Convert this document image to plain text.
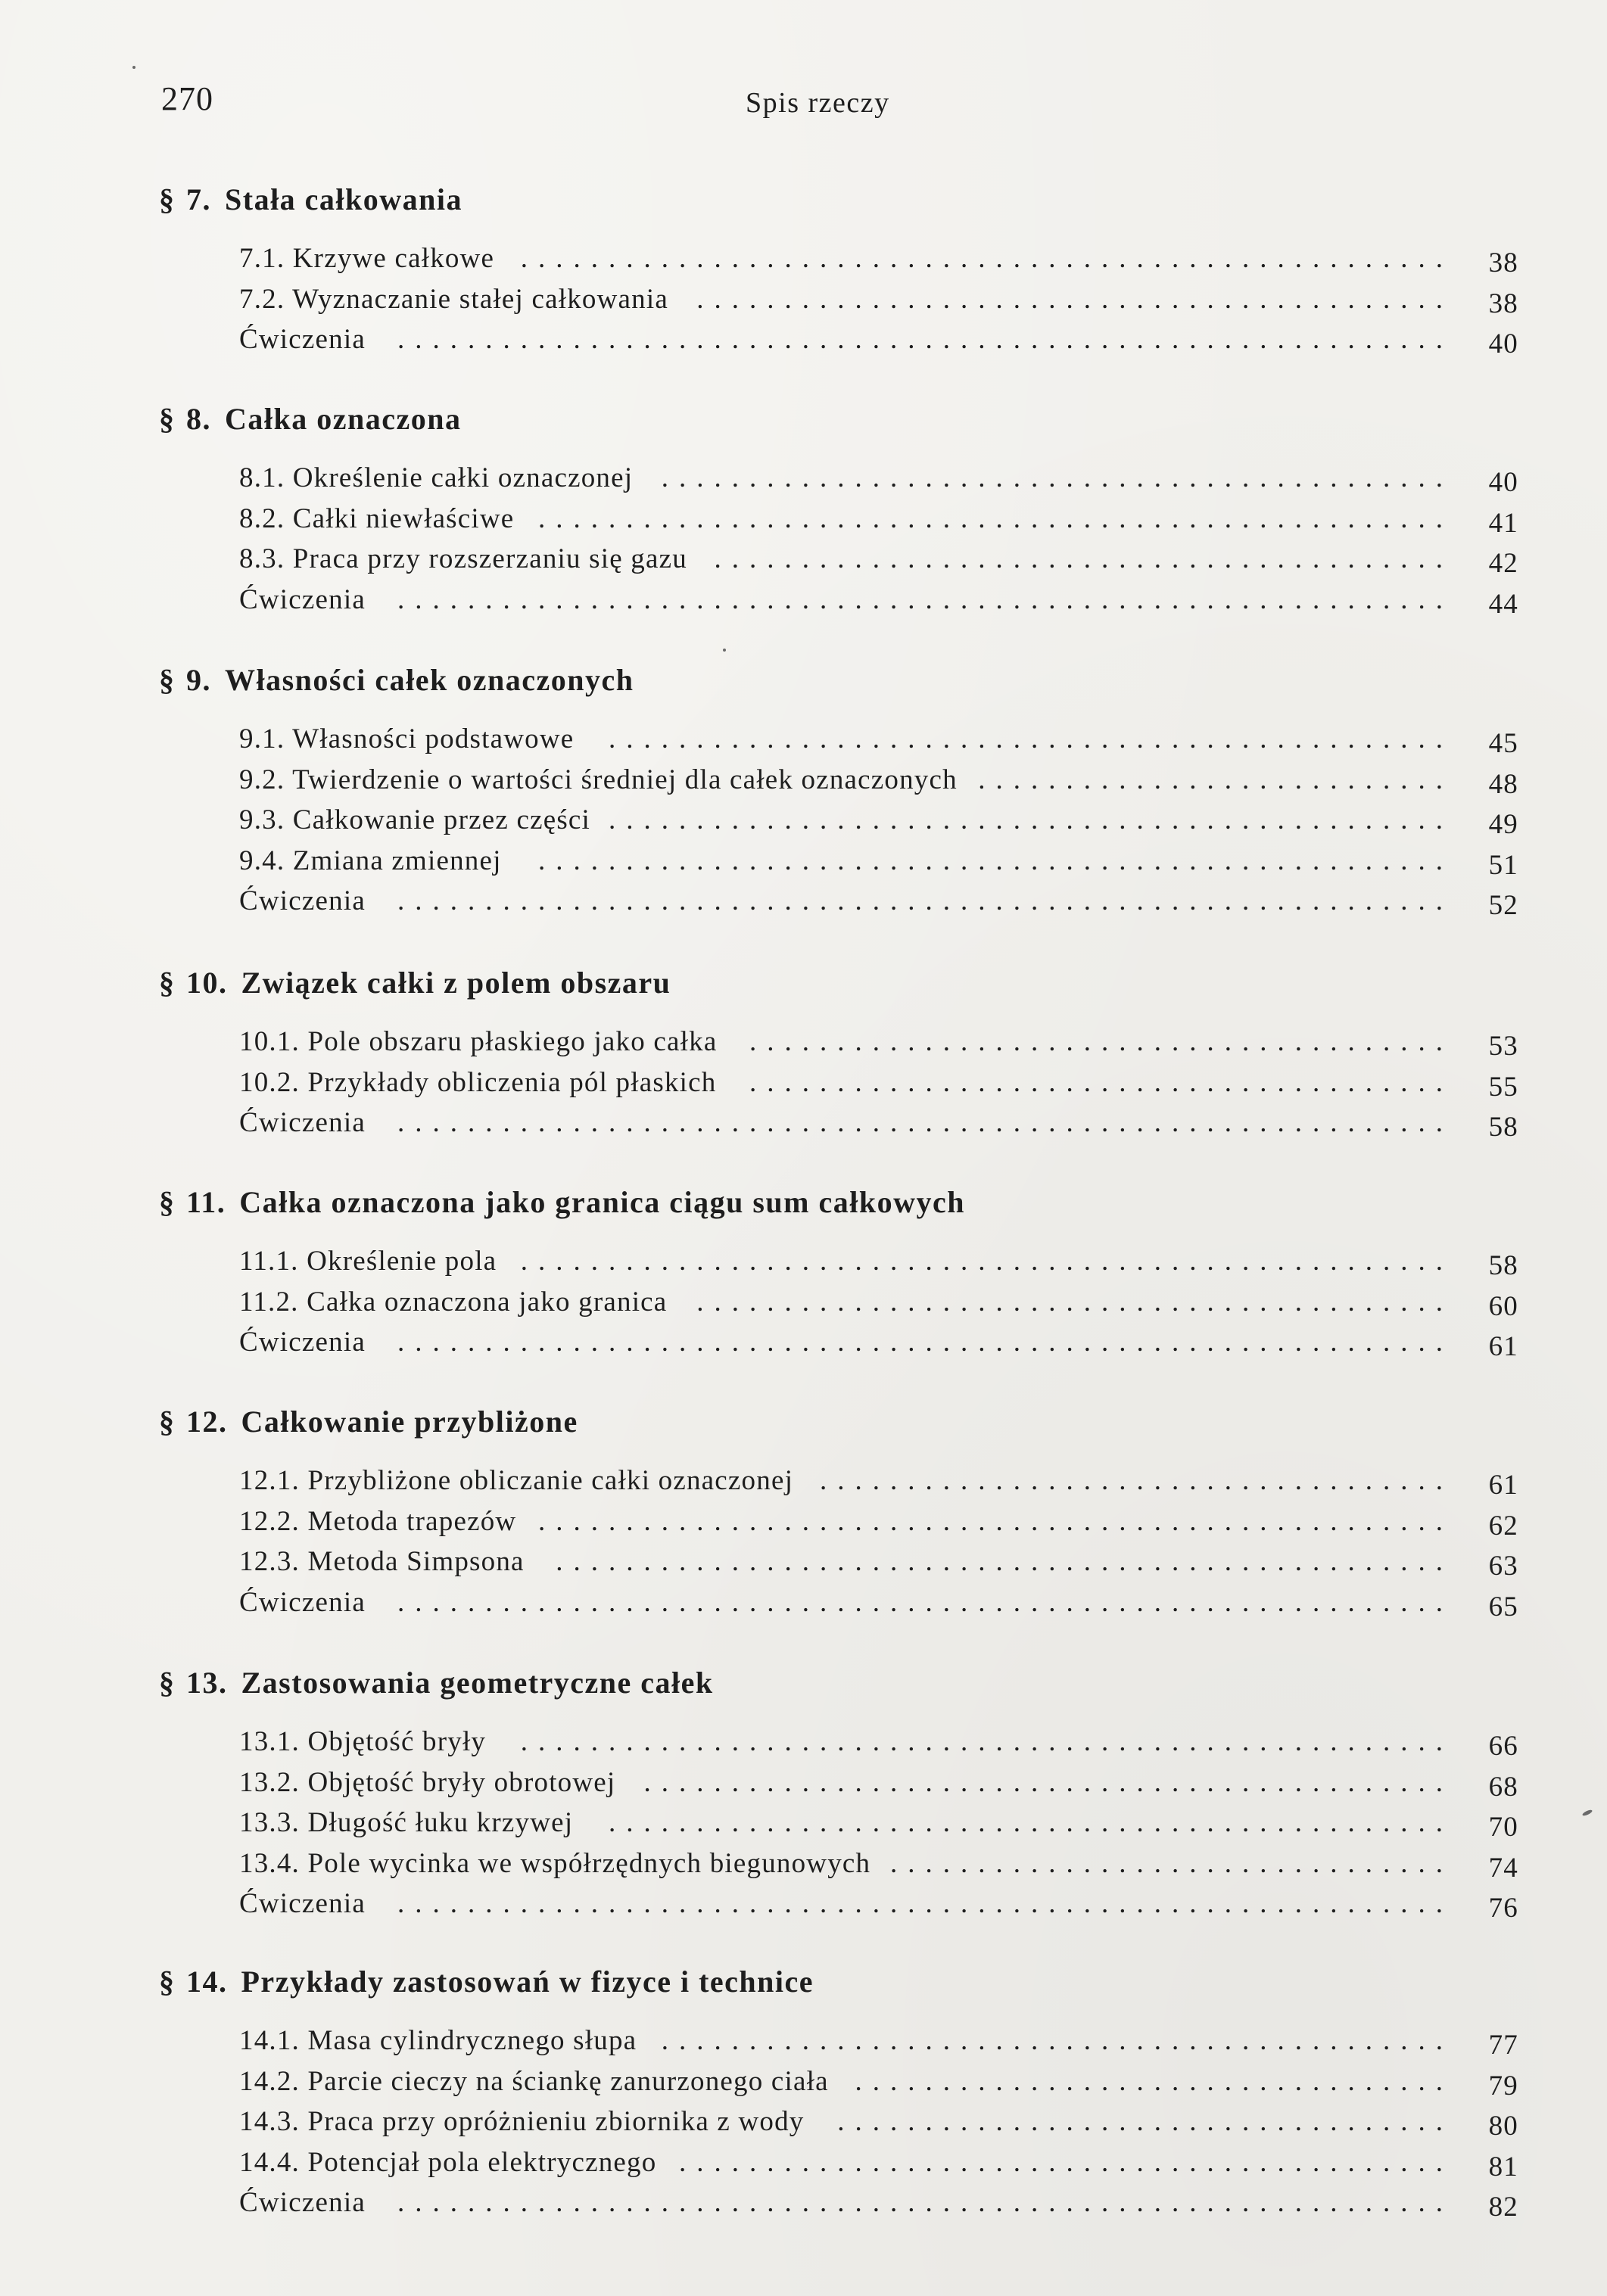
270	Spis rzeczy
§ 7. Stała całkowania
7.1. Krzywe całkowe .....................................................	38
7.2. Wyznaczanie stałej całkowania	...........................................	38
Ćwiczenia	............................................................	40
§ 8. Całka oznaczona
8.1. Określenie całki oznaczonej	.............................................	40
8.2. Całki niewłaściwe ....................................................	41
8.3. Praca przy rozszerzaniu się gazu ..........................................	42
Ćwiczenia	............................................................	44
§ 9. Własności całek oznaczonych
9.1. Własności podstawowe	................................................	45
9.2. Twierdzenie o wartości średniej dla całek oznaczonych ...........................	48
9.3. Całkowanie przez części ................................................	49
9.4. Zmiana zmiennej	....................................................	51
Ćwiczenia	............................................................	52
§ 10. Związek całki z polem obszaru
10.1. Pole obszaru płaskiego jako całka	........................................	53
10.2. Przykłady obliczenia pól płaskich	........................................	55
Ćwiczenia	............................................................	58
§ 11. Całka oznaczona jako granica ciągu sum całkowych
11.1. Określenie pola .....................................................	58
11.2. Całka oznaczona jako granica	...........................................	60
Ćwiczenia	............................................................	61
§ 12. Całkowanie przybliżone
12.1. Przybliżone obliczanie całki oznaczonej ....................................	61
12.2. Metoda trapezów ....................................................	62
12.3. Metoda Simpsona	...................................................	63
Ćwiczenia	............................................................	65
§ 13. Zastosowania geometryczne całek
13.1. Objętość bryły	.....................................................	66
13.2. Objętość bryły obrotowej	..............................................	68
13.3. Długość łuku krzywej	................................................	70
13.4. Pole wycinka we współrzędnych biegunowych ................................	74
Ćwiczenia	............................................................	76
§ 14. Przykłady zastosowań w fizyce i technice
14.1. Masa cylindrycznego słupa .............................................	77
14.2. Parcie cieczy na ściankę zanurzonego ciała ..................................	79
14.3. Praca przy opróżnieniu zbiornika z wody	...................................	80
14.4. Potencjał pola elektrycznego ............................................	81
Ćwiczenia	............................................................	82
